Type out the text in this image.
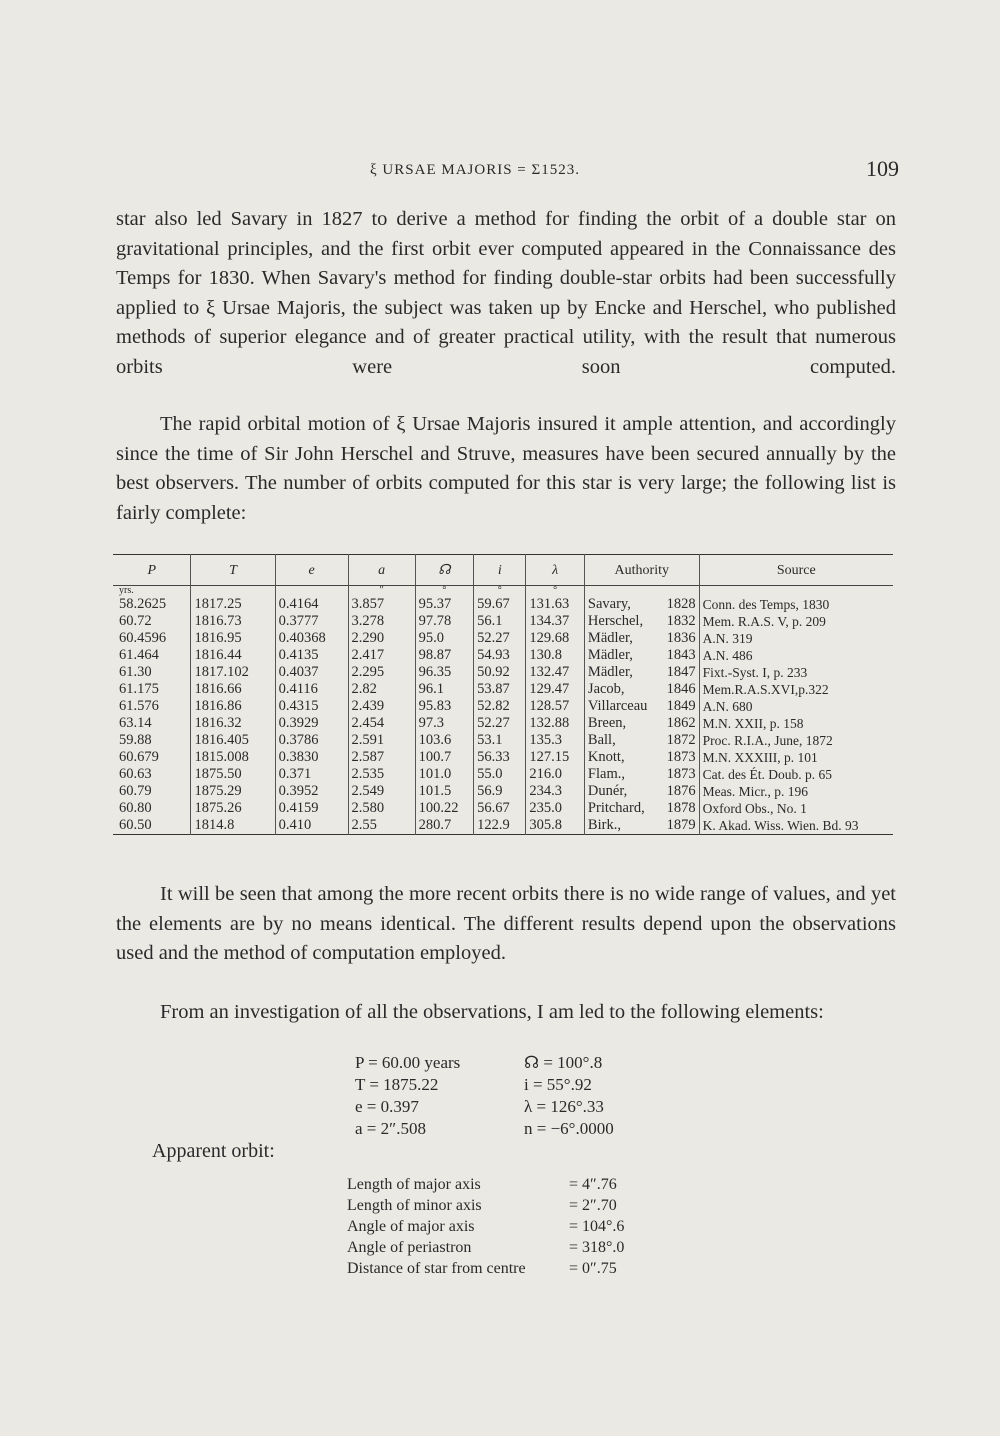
ξ URSAE MAJORIS = Σ1523.	109

star also led Savary in 1827 to derive a method for finding the orbit of a double star on gravitational principles, and the first orbit ever computed appeared in the Connaissance des Temps for 1830. When Savary's method for finding double-star orbits had been successfully applied to ξ Ursae Majoris, the subject was taken up by Encke and Herschel, who published methods of superior elegance and of greater practical utility, with the result that numerous orbits were soon computed.

The rapid orbital motion of ξ Ursae Majoris insured it ample attention, and accordingly since the time of Sir John Herschel and Struve, measures have been secured annually by the best observers. The number of orbits computed for this star is very large; the following list is fairly complete:

P	T	e	a	☊	i	λ	Authority	Source
yrs.			″	°	°	°		
58.2625	1817.25	0.4164	3.857	95.37	59.67	131.63	Savary, 1828	Conn. des Temps, 1830
60.72	1816.73	0.3777	3.278	97.78	56.1	134.37	Herschel, 1832	Mem. R.A.S. V, p. 209
60.4596	1816.95	0.40368	2.290	95.0	52.27	129.68	Mädler, 1836	A.N. 319
61.464	1816.44	0.4135	2.417	98.87	54.93	130.8	Mädler, 1843	A.N. 486
61.30	1817.102	0.4037	2.295	96.35	50.92	132.47	Mädler, 1847	Fixt.-Syst. I, p. 233
61.175	1816.66	0.4116	2.82	96.1	53.87	129.47	Jacob, 1846	Mem.R.A.S.XVI,p.322
61.576	1816.86	0.4315	2.439	95.83	52.82	128.57	Villarceau 1849	A.N. 680
63.14	1816.32	0.3929	2.454	97.3	52.27	132.88	Breen, 1862	M.N. XXII, p. 158
59.88	1816.405	0.3786	2.591	103.6	53.1	135.3	Ball, 1872	Proc. R.I.A., June, 1872
60.679	1815.008	0.3830	2.587	100.7	56.33	127.15	Knott, 1873	M.N. XXXIII, p. 101
60.63	1875.50	0.371	2.535	101.0	55.0	216.0	Flam., 1873	Cat. des Ét. Doub. p. 65
60.79	1875.29	0.3952	2.549	101.5	56.9	234.3	Dunér, 1876	Meas. Micr., p. 196
60.80	1875.26	0.4159	2.580	100.22	56.67	235.0	Pritchard, 1878	Oxford Obs., No. 1
60.50	1814.8	0.410	2.55	280.7	122.9	305.8	Birk., 1879	K. Akad. Wiss. Wien. Bd. 93

It will be seen that among the more recent orbits there is no wide range of values, and yet the elements are by no means identical. The different results depend upon the observations used and the method of computation employed.

From an investigation of all the observations, I am led to the following elements:

P = 60.00 years
T = 1875.22
e = 0.397
a = 2″.508
☊ = 100°.8
i = 55°.92
λ = 126°.33
n = −6°.0000
Apparent orbit:
Length of major axis	= 4″.76
Length of minor axis	= 2″.70
Angle of major axis	= 104°.6
Angle of periastron	= 318°.0
Distance of star from centre	= 0″.75
